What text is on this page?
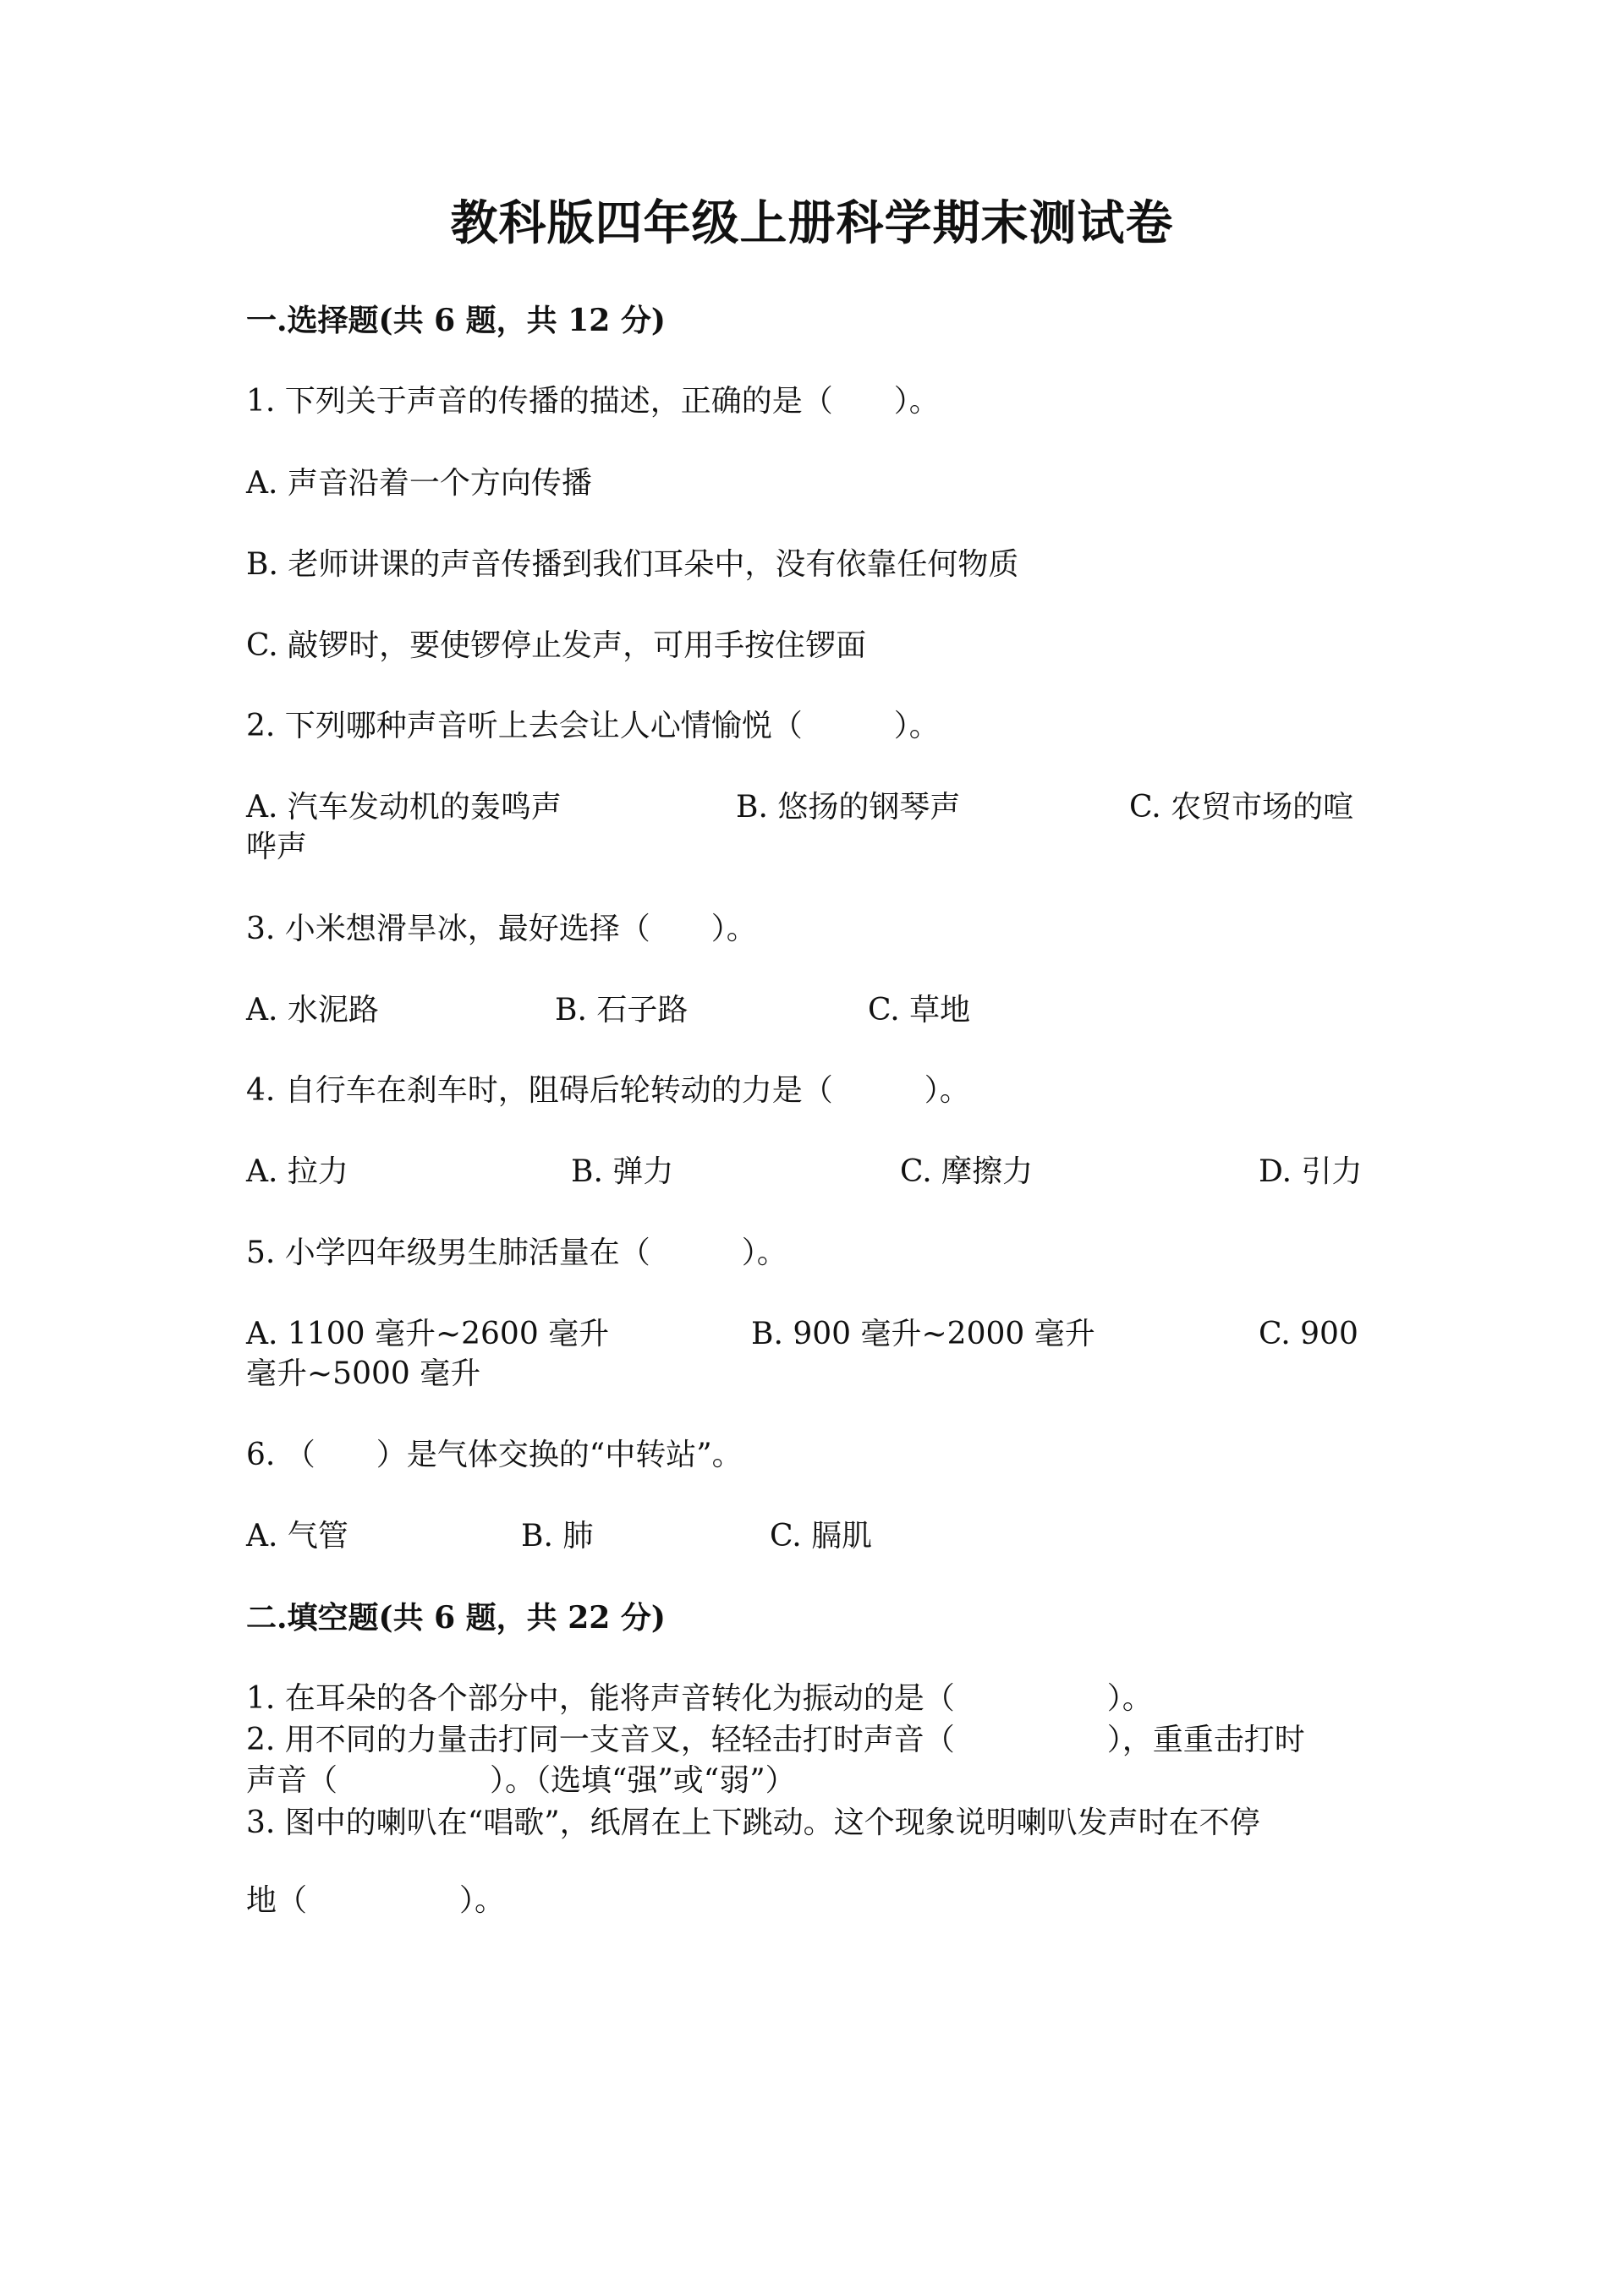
教科版四年级上册科学期末测试卷
一.选择题(共 6 题，共 12 分)
1. 下列关于声音的传播的描述，正确的是（　　）。
A. 声音沿着一个方向传播
B. 老师讲课的声音传播到我们耳朵中，没有依靠任何物质
C. 敲锣时，要使锣停止发声，可用手按住锣面
2. 下列哪种声音听上去会让人心情愉悦（　　　）。
A. 汽车发动机的轰鸣声	B. 悠扬的钢琴声	C. 农贸市场的喧
哗声
3. 小米想滑旱冰，最好选择（　　）。
A. 水泥路	B. 石子路	C. 草地
4. 自行车在刹车时，阻碍后轮转动的力是（　　　）。
A. 拉力	B. 弹力	C. 摩擦力	D. 引力
5. 小学四年级男生肺活量在（　　　）。
A. 1100 毫升~2600 毫升	B. 900 毫升~2000 毫升	C. 900
毫升~5000 毫升
6. （　　）是气体交换的“中转站”。
A. 气管	B. 肺	C. 膈肌
二.填空题(共 6 题，共 22 分)
1. 在耳朵的各个部分中，能将声音转化为振动的是（　　　　　）。
2. 用不同的力量击打同一支音叉，轻轻击打时声音（　　　　　），重重击打时
声音（　　　　　）。（选填“强”或“弱”）
3. 图中的喇叭在“唱歌”，纸屑在上下跳动。这个现象说明喇叭发声时在不停
地（　　　　　）。
